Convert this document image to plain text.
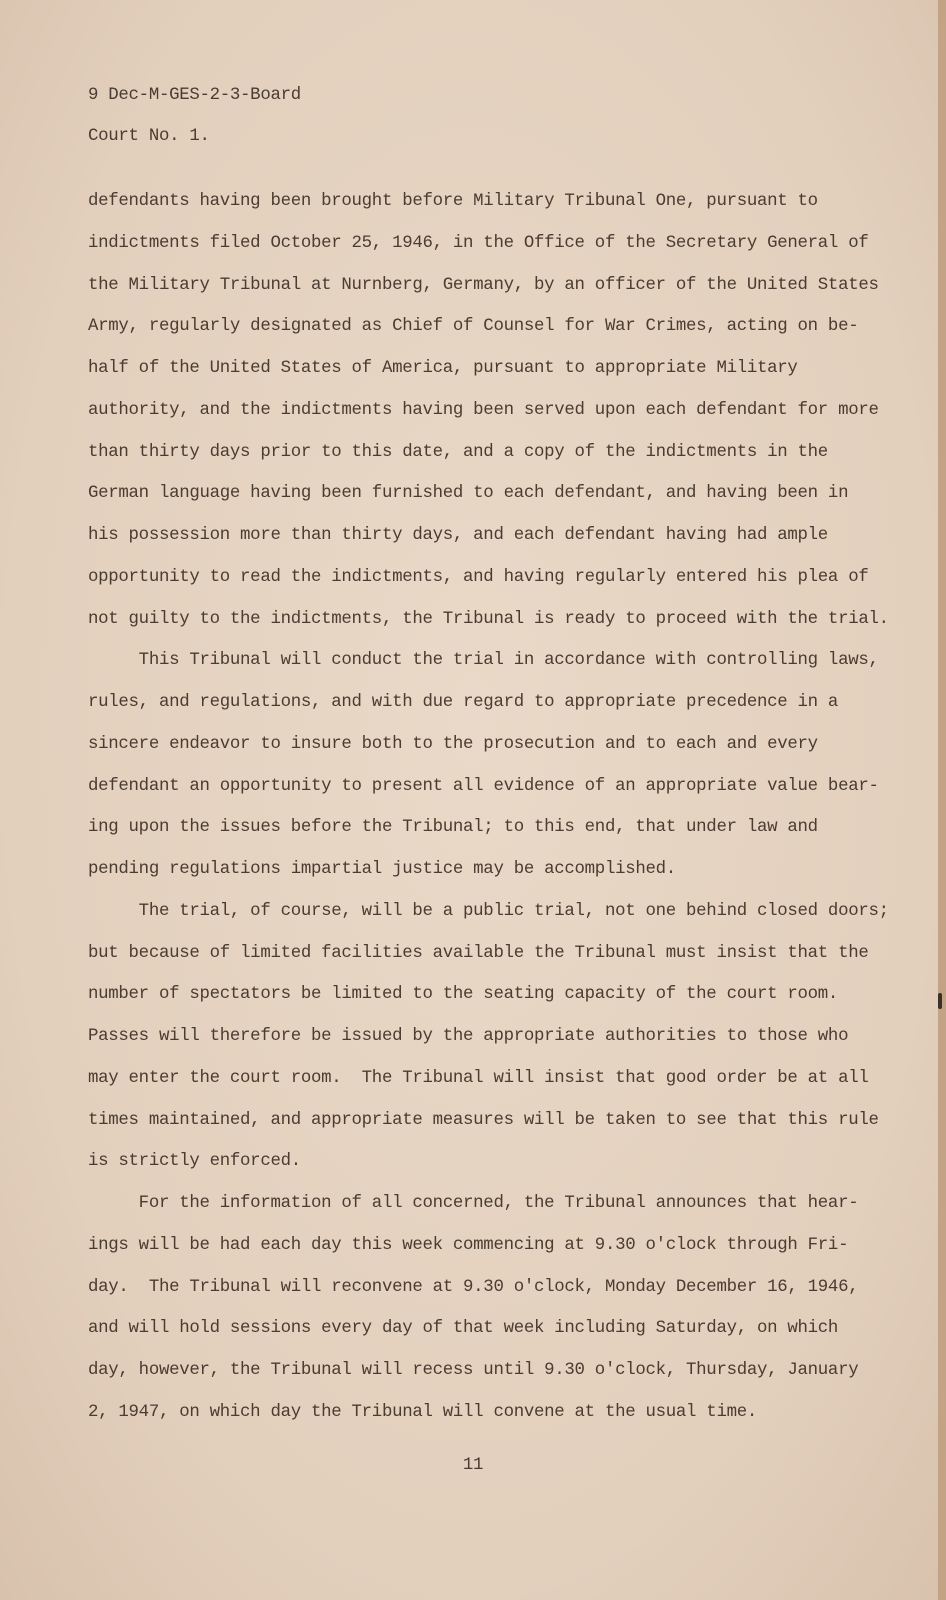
9 Dec-M-GES-2-3-Board
Court No. 1.
defendants having been brought before Military Tribunal One, pursuant to
indictments filed October 25, 1946, in the Office of the Secretary General of
the Military Tribunal at Nurnberg, Germany, by an officer of the United States
Army, regularly designated as Chief of Counsel for War Crimes, acting on be-
half of the United States of America, pursuant to appropriate Military
authority, and the indictments having been served upon each defendant for more
than thirty days prior to this date, and a copy of the indictments in the
German language having been furnished to each defendant, and having been in
his possession more than thirty days, and each defendant having had ample
opportunity to read the indictments, and having regularly entered his plea of
not guilty to the indictments, the Tribunal is ready to proceed with the trial.
This Tribunal will conduct the trial in accordance with controlling laws,
rules, and regulations, and with due regard to appropriate precedence in a
sincere endeavor to insure both to the prosecution and to each and every
defendant an opportunity to present all evidence of an appropriate value bear-
ing upon the issues before the Tribunal; to this end, that under law and
pending regulations impartial justice may be accomplished.
The trial, of course, will be a public trial, not one behind closed doors;
but because of limited facilities available the Tribunal must insist that the
number of spectators be limited to the seating capacity of the court room.
Passes will therefore be issued by the appropriate authorities to those who
may enter the court room.  The Tribunal will insist that good order be at all
times maintained, and appropriate measures will be taken to see that this rule
is strictly enforced.
For the information of all concerned, the Tribunal announces that hear-
ings will be had each day this week commencing at 9.30 o'clock through Fri-
day.  The Tribunal will reconvene at 9.30 o'clock, Monday December 16, 1946,
and will hold sessions every day of that week including Saturday, on which
day, however, the Tribunal will recess until 9.30 o'clock, Thursday, January
2, 1947, on which day the Tribunal will convene at the usual time.
11
